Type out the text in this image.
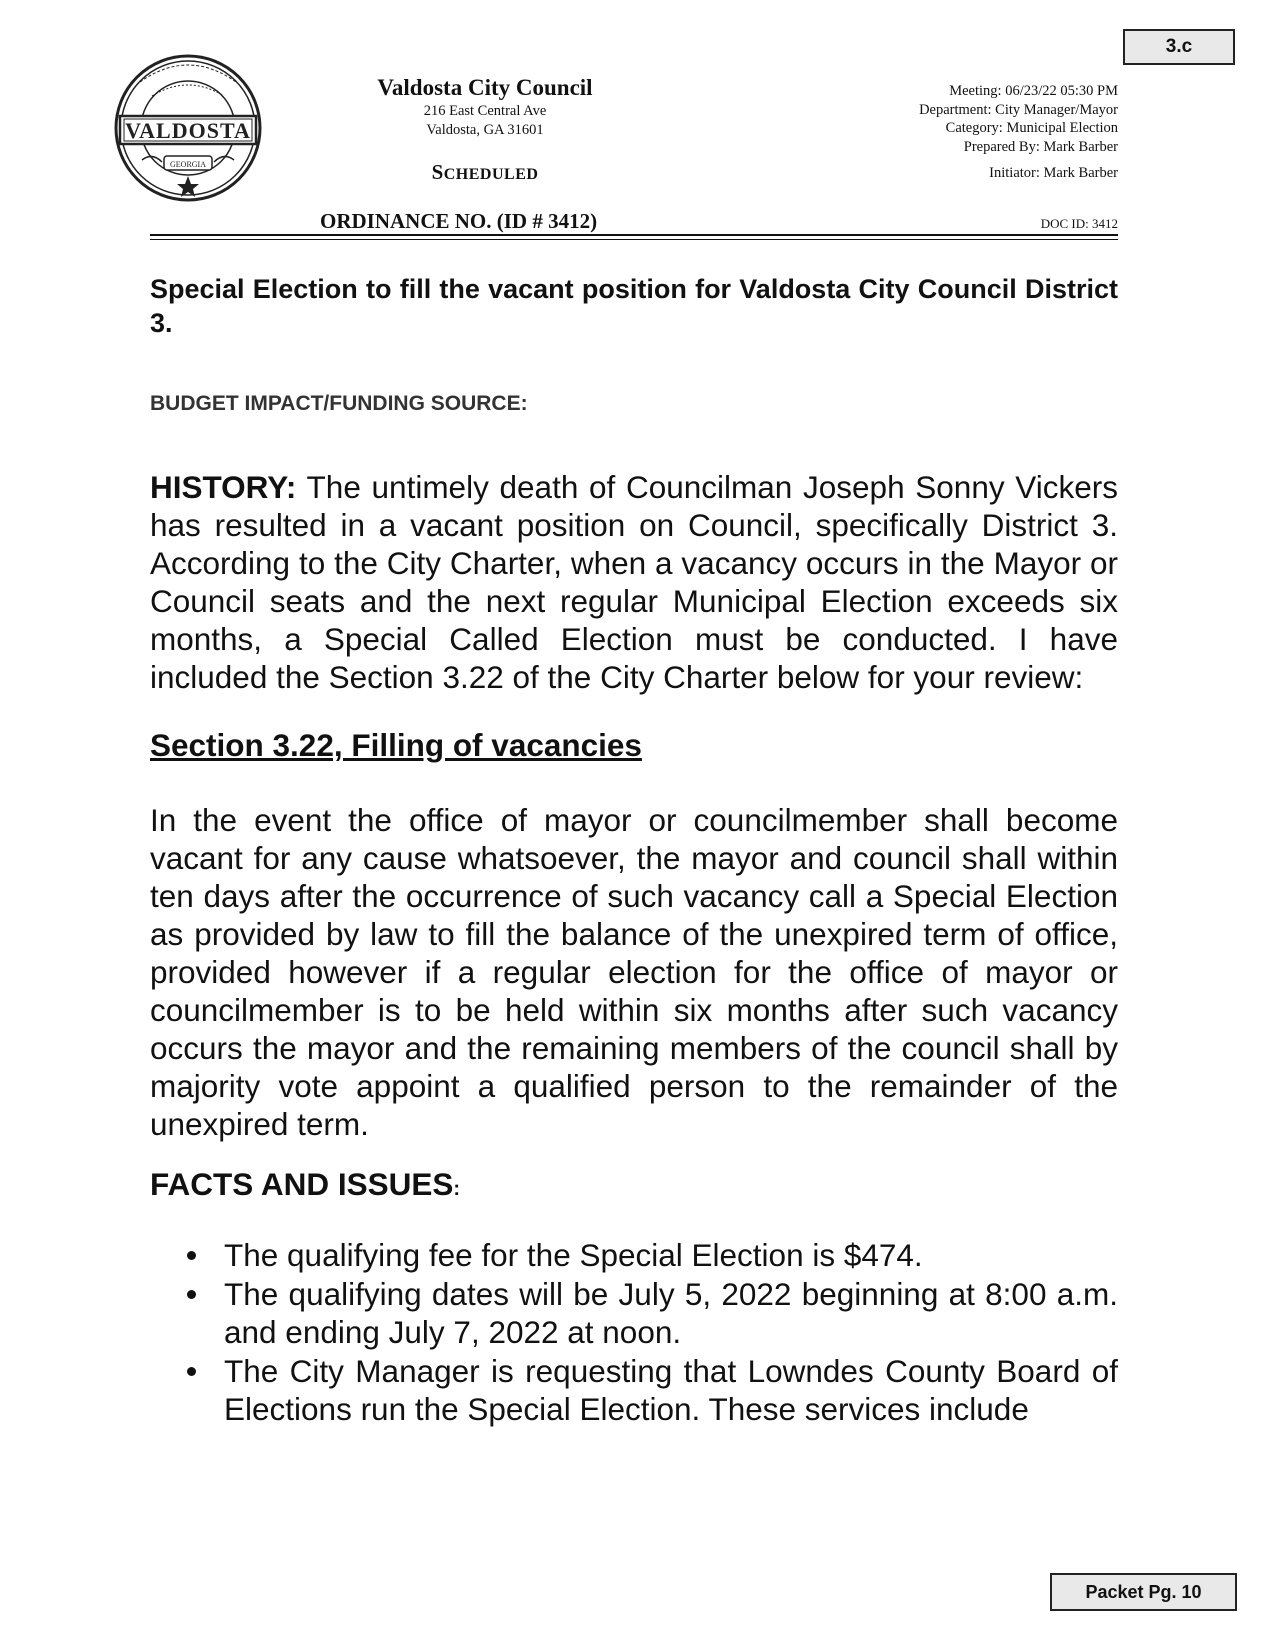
3.c
VALDOSTA
GEORGIA
Valdosta City Council
216 East Central Ave
Valdosta, GA 31601
SCHEDULED
Meeting: 06/23/22 05:30 PM
Department: City Manager/Mayor
Category: Municipal Election
Prepared By: Mark Barber
Initiator: Mark Barber
ORDINANCE NO. (ID # 3412)	DOC ID: 3412

Special Election to fill the vacant position for Valdosta City Council District 3.

BUDGET IMPACT/FUNDING SOURCE:

HISTORY: The untimely death of Councilman Joseph Sonny Vickers has resulted in a vacant position on Council, specifically District 3. According to the City Charter, when a vacancy occurs in the Mayor or Council seats and the next regular Municipal Election exceeds six months, a Special Called Election must be conducted. I have included the Section 3.22 of the City Charter below for your review:

Section 3.22, Filling of vacancies

In the event the office of mayor or councilmember shall become vacant for any cause whatsoever, the mayor and council shall within ten days after the occurrence of such vacancy call a Special Election as provided by law to fill the balance of the unexpired term of office, provided however if a regular election for the office of mayor or councilmember is to be held within six months after such vacancy occurs the mayor and the remaining members of the council shall by majority vote appoint a qualified person to the remainder of the unexpired term.

FACTS AND ISSUES:
The qualifying fee for the Special Election is $474.
The qualifying dates will be July 5, 2022 beginning at 8:00 a.m. and ending July 7, 2022 at noon.
The City Manager is requesting that Lowndes County Board of Elections run the Special Election. These services include
Packet Pg. 10
